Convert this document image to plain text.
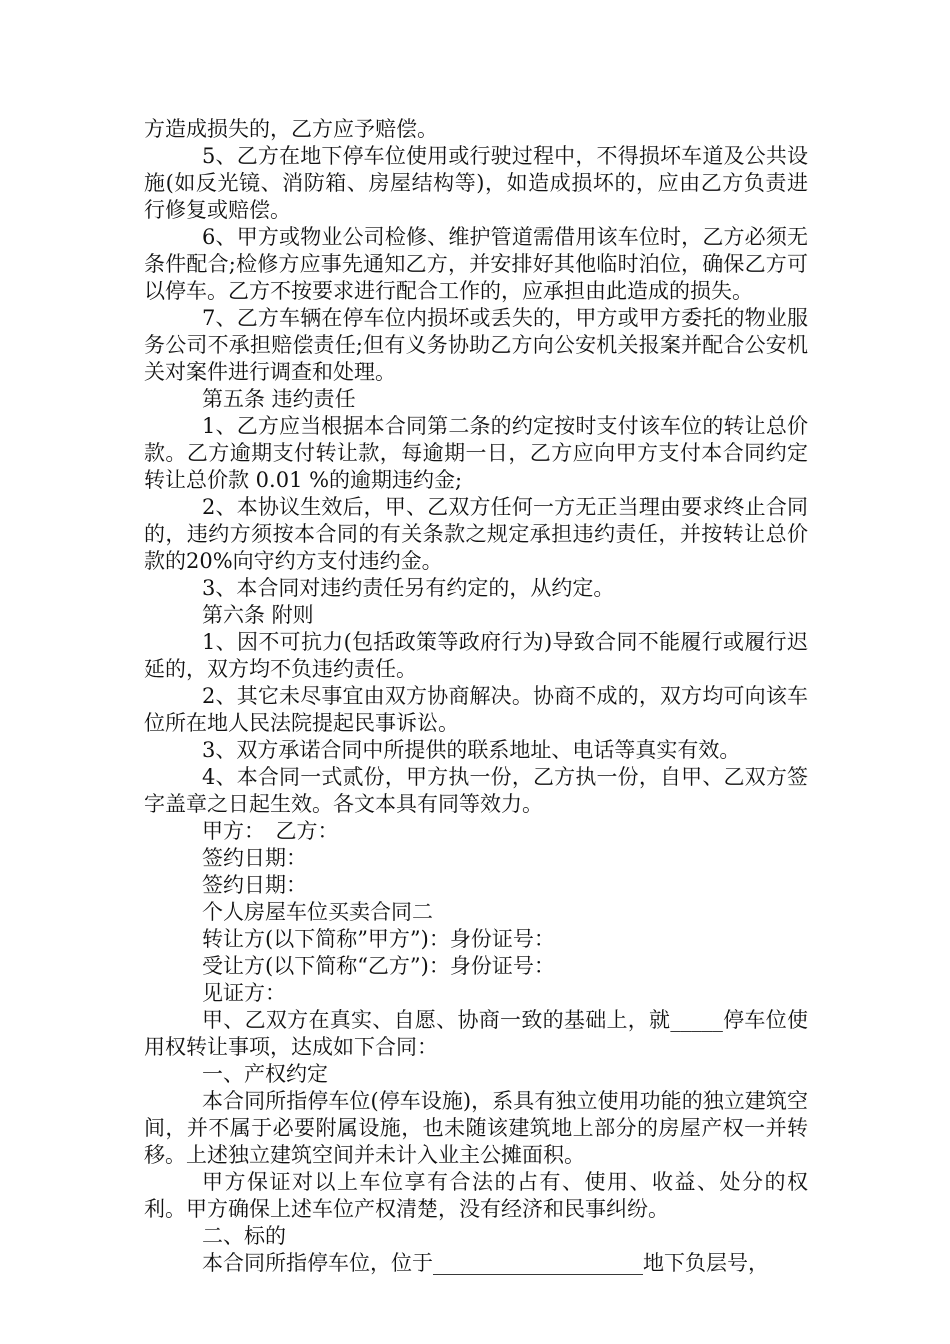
方造成损失的，乙方应予赔偿。

5、乙方在地下停车位使用或行驶过程中，不得损坏车道及公共设施(如反光镜、消防箱、房屋结构等)，如造成损坏的，应由乙方负责进行修复或赔偿。

6、甲方或物业公司检修、维护管道需借用该车位时，乙方必须无条件配合;检修方应事先通知乙方，并安排好其他临时泊位，确保乙方可以停车。乙方不按要求进行配合工作的，应承担由此造成的损失。

7、乙方车辆在停车位内损坏或丢失的，甲方或甲方委托的物业服务公司不承担赔偿责任;但有义务协助乙方向公安机关报案并配合公安机关对案件进行调查和处理。

第五条 违约责任

1、乙方应当根据本合同第二条的约定按时支付该车位的转让总价款。乙方逾期支付转让款，每逾期一日，乙方应向甲方支付本合同约定转让总价款 0.01 %的逾期违约金;

2、本协议生效后，甲、乙双方任何一方无正当理由要求终止合同的，违约方须按本合同的有关条款之规定承担违约责任，并按转让总价款的20%向守约方支付违约金。

3、本合同对违约责任另有约定的，从约定。

第六条 附则

1、因不可抗力(包括政策等政府行为)导致合同不能履行或履行迟延的，双方均不负违约责任。

2、其它未尽事宜由双方协商解决。协商不成的，双方均可向该车位所在地人民法院提起民事诉讼。

3、双方承诺合同中所提供的联系地址、电话等真实有效。

4、本合同一式贰份，甲方执一份，乙方执一份，自甲、乙双方签字盖章之日起生效。各文本具有同等效力。

甲方：　乙方：

签约日期：

签约日期：

个人房屋车位买卖合同二

转让方(以下简称”甲方”)：身份证号：

受让方(以下简称“乙方”)：身份证号：

见证方：

甲、乙双方在真实、自愿、协商一致的基础上，就_____停车位使用权转让事项，达成如下合同：

一、产权约定

本合同所指停车位(停车设施)，系具有独立使用功能的独立建筑空间，并不属于必要附属设施，也未随该建筑地上部分的房屋产权一并转移。上述独立建筑空间并未计入业主公摊面积。

甲方保证对以上车位享有合法的占有、使用、收益、处分的权利。甲方确保上述车位产权清楚，没有经济和民事纠纷。

二、标的

本合同所指停车位，位于____________________地下负层号，
